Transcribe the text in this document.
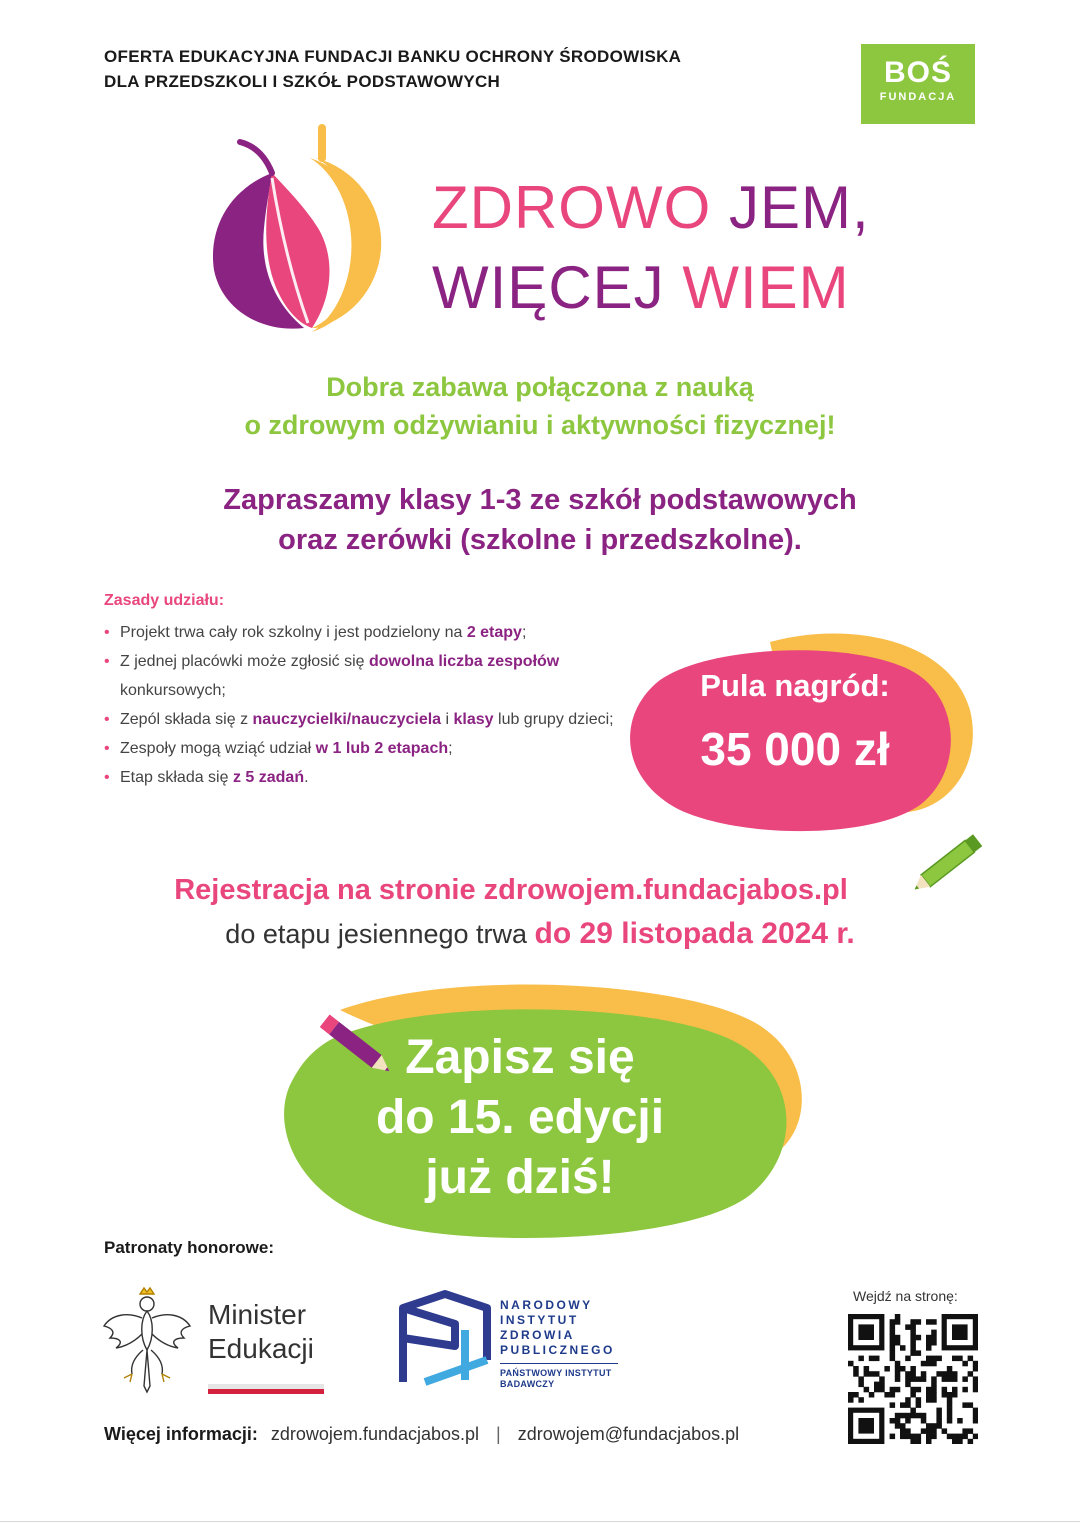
OFERTA EDUKACYJNA FUNDACJI BANKU OCHRONY ŚRODOWISKA
DLA PRZEDSZKOLI I SZKÓŁ PODSTAWOWYCH	BOŚ
FUNDACJA
ZDROWO JEM,
WIĘCEJ WIEM
Dobra zabawa połączona z nauką
o zdrowym odżywianiu i aktywności fizycznej!
Zapraszamy klasy 1-3 ze szkół podstawowych
oraz zerówki (szkolne i przedszkolne).
Zasady udziału:
• Projekt trwa cały rok szkolny i jest podzielony na 2 etapy;
• Z jednej placówki może zgłosić się dowolna liczba zespołów konkursowych;
• Zepól składa się z nauczycielki/nauczyciela i klasy lub grupy dzieci;
• Zespoły mogą wziąć udział w 1 lub 2 etapach;
• Etap składa się z 5 zadań.
Pula nagród:
35 000 zł
Rejestracja na stronie zdrowojem.fundacjabos.pl
do etapu jesiennego trwa do 29 listopada 2024 r.
Zapisz się
do 15. edycji
już dziś!
Patronaty honorowe:
Minister
Edukacji
NARODOWY
INSTYTUT
ZDROWIA
PUBLICZNEGO
PAŃSTWOWY INSTYTUT
BADAWCZY
Wejdź na stronę:
Więcej informacji: zdrowojem.fundacjabos.pl | zdrowojem@fundacjabos.pl
